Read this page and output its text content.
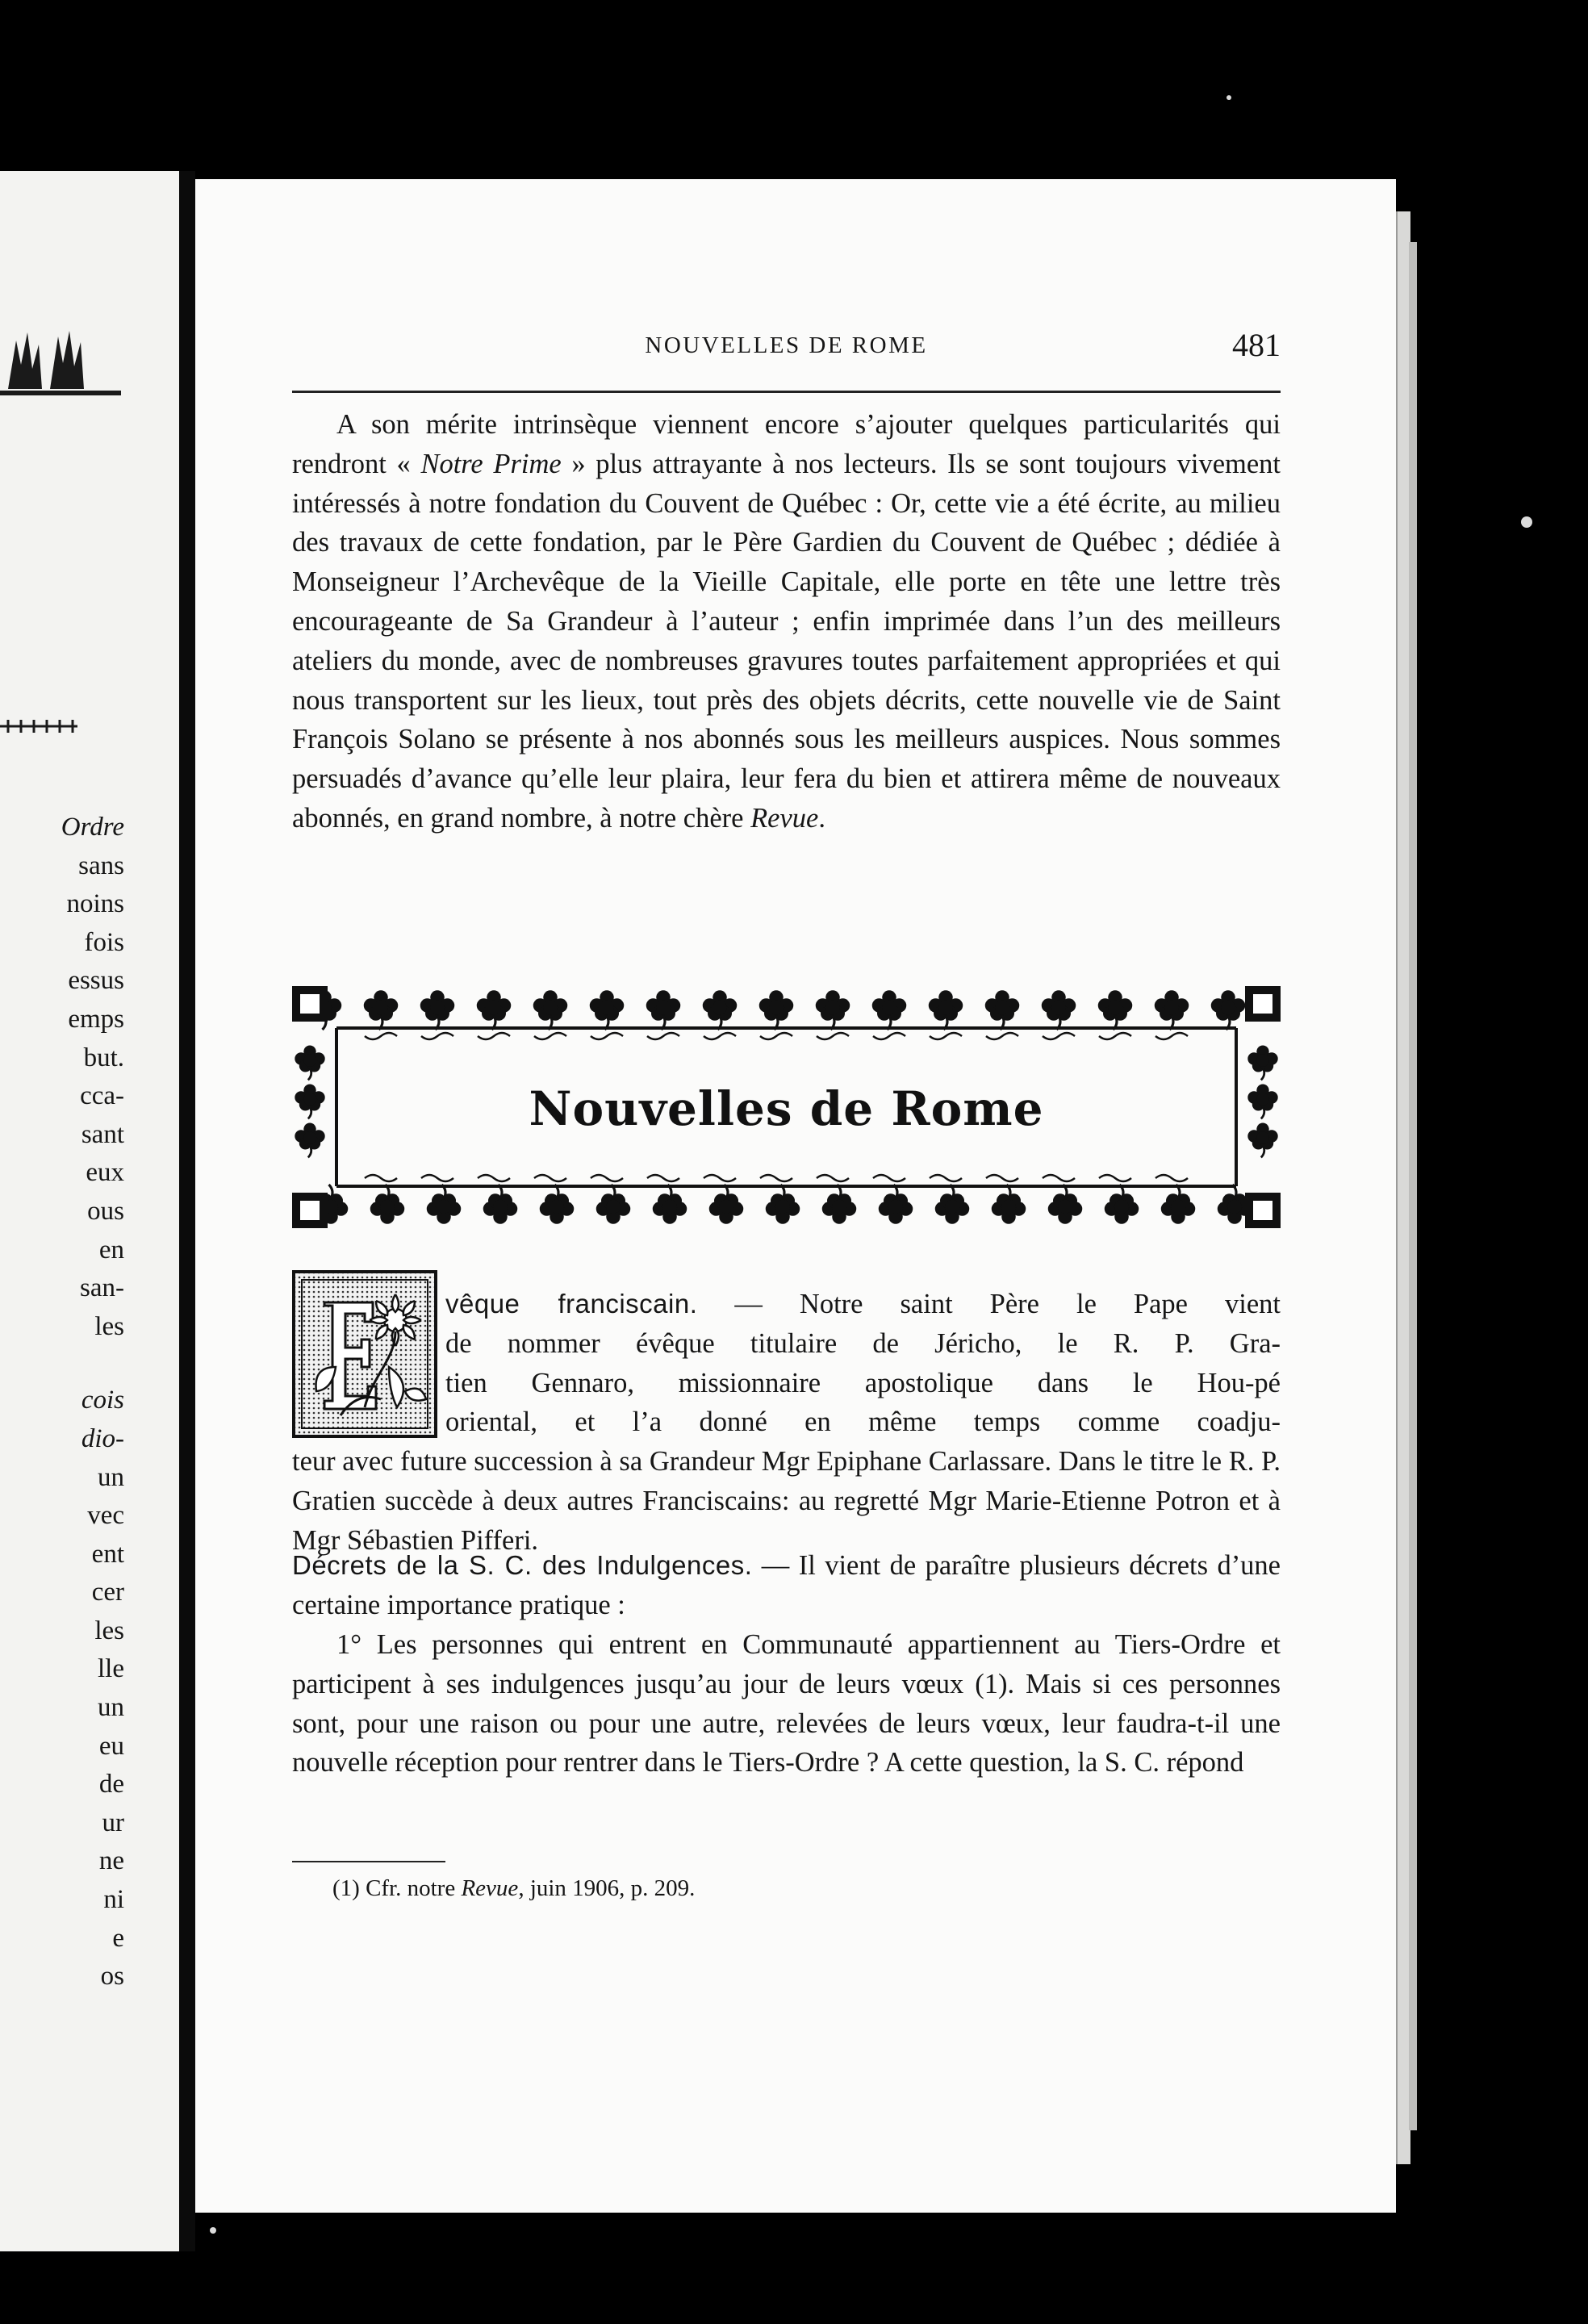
Ordre
sans
noins
fois
essus
emps
but.
cca-
sant
eux
ous
en
san-
les
cois
dio-
un
vec
ent
cer
les
lle
un
eu
de
ur
ne
ni
e
os
NOUVELLES DE ROME	481

A son mérite intrinsèque viennent encore s’ajouter quelques particularités qui rendront « Notre Prime » plus attrayante à nos lecteurs. Ils se sont toujours vivement intéressés à notre fondation du Couvent de Québec : Or, cette vie a été écrite, au milieu des travaux de cette fondation, par le Père Gardien du Couvent de Québec ; dédiée à Monseigneur l’Archevêque de la Vieille Capitale, elle porte en tête une lettre très encourageante de Sa Grandeur à l’auteur ; enfin imprimée dans l’un des meilleurs ateliers du monde, avec de nombreuses gravures toutes parfaitement appropriées et qui nous transportent sur les lieux, tout près des objets décrits, cette nouvelle vie de Saint François Solano se présente à nos abonnés sous les meilleurs auspices. Nous sommes persuadés d’avance qu’elle leur plaira, leur fera du bien et attirera même de nouveaux abonnés, en grand nombre, à notre chère Revue.

Nouvelles de Rome

vêque franciscain. — Notre saint Père le Pape vient
de nommer évêque titulaire de Jéricho, le R. P. Gra-
tien Gennaro, missionnaire apostolique dans le Hou-pé
oriental, et l’a donné en même temps comme coadju-
teur avec future succession à sa Grandeur Mgr Epiphane Carlassare. Dans le titre le R. P. Gratien succède à deux autres Franciscains: au regretté Mgr Marie-Etienne Potron et à Mgr Sébastien Pifferi.

Décrets de la S. C. des Indulgences. — Il vient de paraître plusieurs décrets d’une certaine importance pratique :

1° Les personnes qui entrent en Communauté appartiennent au Tiers-Ordre et participent à ses indulgences jusqu’au jour de leurs vœux (1). Mais si ces personnes sont, pour une raison ou pour une autre, relevées de leurs vœux, leur faudra-t-il une nouvelle réception pour rentrer dans le Tiers-Ordre ? A cette question, la S. C. répond

(1) Cfr. notre Revue, juin 1906, p. 209.
